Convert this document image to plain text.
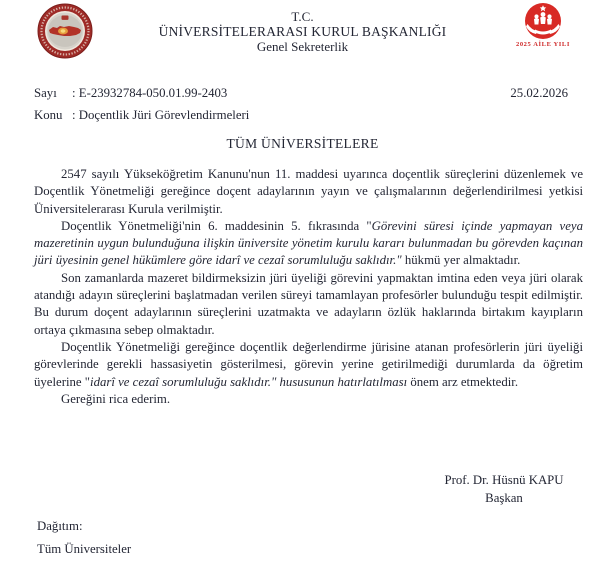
T.C.
ÜNİVERSİTELERARASI KURUL BAŞKANLIĞI
Genel Sekreterlik	2025 AİLE YILI
Sayı	: E-23932784-050.01.99-2403
Konu : Doçentlik Jüri Görevlendirmeleri
25.02.2026
TÜM ÜNİVERSİTELERE

2547 sayılı Yükseköğretim Kanunu'nun 11. maddesi uyarınca doçentlik süreçlerini düzenlemek ve Doçentlik Yönetmeliği gereğince doçent adaylarının yayın ve çalışmalarının değerlendirilmesi yetkisi Üniversitelerarası Kurula verilmiştir.

Doçentlik Yönetmeliği'nin 6. maddesinin 5. fıkrasında "Görevini süresi içinde yapmayan veya mazeretinin uygun bulunduğuna ilişkin üniversite yönetim kurulu kararı bulunmadan bu görevden kaçınan jüri üyesinin genel hükümlere göre idarî ve cezaî sorumluluğu saklıdır." hükmü yer almaktadır.

Son zamanlarda mazeret bildirmeksizin jüri üyeliği görevini yapmaktan imtina eden veya jüri olarak atandığı adayın süreçlerini başlatmadan verilen süreyi tamamlayan profesörler bulunduğu tespit edilmiştir. Bu durum doçent adaylarının süreçlerini uzatmakta ve adayların özlük haklarında birtakım kayıpların ortaya çıkmasına sebep olmaktadır.

Doçentlik Yönetmeliği gereğince doçentlik değerlendirme jürisine atanan profesörlerin jüri üyeliği görevlerinde gerekli hassasiyetin gösterilmesi, görevin yerine getirilmediği durumlarda da öğretim üyelerine "idarî ve cezaî sorumluluğu saklıdır." hususunun hatırlatılması önem arz etmektedir.

Gereğini rica ederim.

Prof. Dr. Hüsnü KAPU
Başkan
Dağıtım:
Tüm Üniversiteler
